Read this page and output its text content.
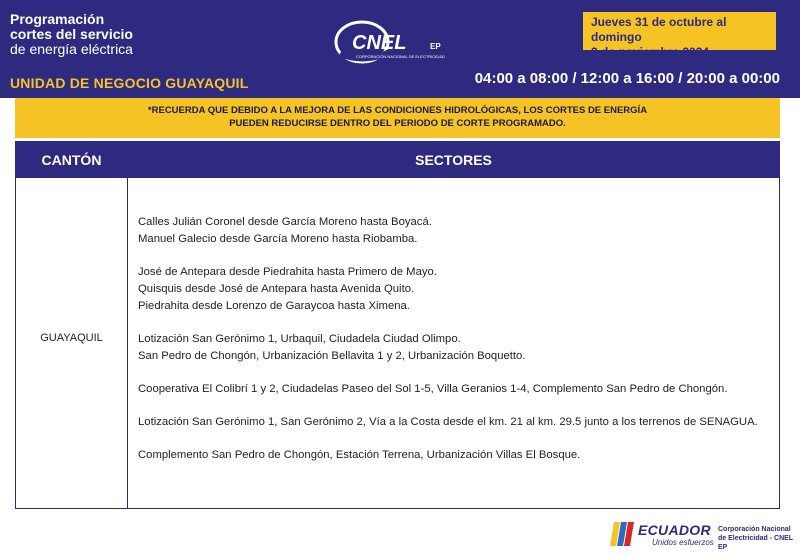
Programación
cortes del servicio
de energía eléctrica
UNIDAD DE NEGOCIO GUAYAQUIL
CNEL	EP
CORPORACIÓN NACIONAL DE ELECTRICIDAD
Jueves 31 de octubre al domingo
3 de noviembre 2024
04:00 a 08:00 / 12:00 a 16:00 / 20:00 a 00:00
*RECUERDA QUE DEBIDO A LA MEJORA DE LAS CONDICIONES HIDROLÓGICAS, LOS CORTES DE ENERGÍA
PUEDEN REDUCIRSE DENTRO DEL PERIODO DE CORTE PROGRAMADO.
CANTÓN	SECTORES
GUAYAQUIL
Calles Julián Coronel desde García Moreno hasta Boyacá.
Manuel Galecio desde García Moreno hasta Riobamba.
José de Antepara desde Piedrahita hasta Primero de Mayo.
Quisquis desde José de Antepara hasta Avenida Quito.
Piedrahita desde Lorenzo de Garaycoa hasta Ximena.
Lotización San Gerónimo 1, Urbaquil, Ciudadela Ciudad Olimpo.
San Pedro de Chongón, Urbanización Bellavita 1 y 2, Urbanización Boquetto.
Cooperativa El Colibrí 1 y 2, Ciudadelas Paseo del Sol 1-5, Villa Geranios 1-4, Complemento San Pedro de Chongón.
Lotización San Gerónimo 1, San Gerónimo 2, Vía a la Costa desde el km. 21 al km. 29.5 junto a los terrenos de SENAGUA.
Complemento San Pedro de Chongón, Estación Terrena, Urbanización Villas El Bosque.
ECUADOR
Unidos esfuerzos
Corporación Nacional
de Electricidad - CNEL EP
